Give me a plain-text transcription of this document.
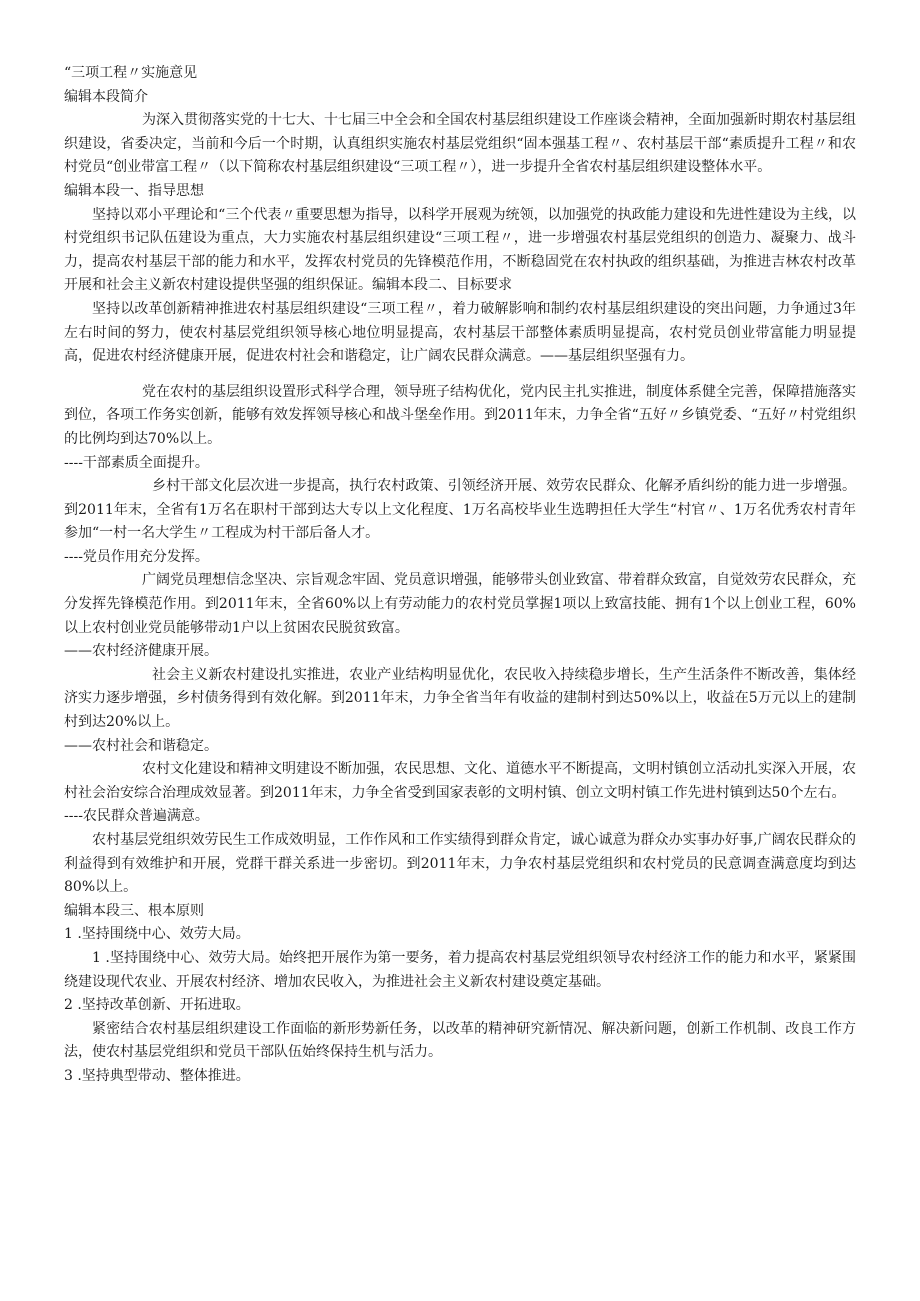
“三项工程〃实施意见
编辑本段简介

为深入贯彻落实党的十七大、十七届三中全会和全国农村基层组织建设工作座谈会精神，全面加强新时期农村基层组织建设，省委决定，当前和今后一个时期，认真组织实施农村基层党组织“固本强基工程〃、农村基层干部“素质提升工程〃和农村党员“创业带富工程〃（以下简称农村基层组织建设“三项工程〃），进一步提升全省农村基层组织建设整体水平。

编辑本段一、指导思想

坚持以邓小平理论和“三个代表〃重要思想为指导，以科学开展观为统领，以加强党的执政能力建设和先进性建设为主线，以村党组织书记队伍建设为重点，大力实施农村基层组织建设“三项工程〃，进一步增强农村基层党组织的创造力、凝聚力、战斗力，提高农村基层干部的能力和水平，发挥农村党员的先锋模范作用，不断稳固党在农村执政的组织基础，为推进吉林农村改革开展和社会主义新农村建设提供坚强的组织保证。编辑本段二、目标要求

坚持以改革创新精神推进农村基层组织建设“三项工程〃，着力破解影响和制约农村基层组织建设的突出问题，力争通过3年左右时间的努力，使农村基层党组织领导核心地位明显提高，农村基层干部整体素质明显提高，农村党员创业带富能力明显提高，促进农村经济健康开展，促进农村社会和谐稳定，让广阔农民群众满意。——基层组织坚强有力。

党在农村的基层组织设置形式科学合理，领导班子结构优化，党内民主扎实推进，制度体系健全完善，保障措施落实到位，各项工作务实创新，能够有效发挥领导核心和战斗堡垒作用。到2011年末，力争全省“五好〃乡镇党委、“五好〃村党组织的比例均到达70%以上。

----干部素质全面提升。

乡村干部文化层次进一步提高，执行农村政策、引领经济开展、效劳农民群众、化解矛盾纠纷的能力进一步增强。到2011年末，全省有1万名在职村干部到达大专以上文化程度、1万名高校毕业生选聘担任大学生“村官〃、1万名优秀农村青年参加“一村一名大学生〃工程成为村干部后备人才。

----党员作用充分发挥。

广阔党员理想信念坚决、宗旨观念牢固、党员意识增强，能够带头创业致富、带着群众致富，自觉效劳农民群众，充分发挥先锋模范作用。到2011年末，全省60%以上有劳动能力的农村党员掌握1项以上致富技能、拥有1个以上创业工程，60%以上农村创业党员能够带动1户以上贫困农民脱贫致富。

——农村经济健康开展。

社会主义新农村建设扎实推进，农业产业结构明显优化，农民收入持续稳步增长，生产生活条件不断改善，集体经济实力逐步增强，乡村债务得到有效化解。到2011年末，力争全省当年有收益的建制村到达50%以上，收益在5万元以上的建制村到达20%以上。

——农村社会和谐稳定。

农村文化建设和精神文明建设不断加强，农民思想、文化、道德水平不断提高，文明村镇创立活动扎实深入开展，农村社会治安综合治理成效显著。到2011年末，力争全省受到国家表彰的文明村镇、创立文明村镇工作先进村镇到达50个左右。

----农民群众普遍满意。

农村基层党组织效劳民生工作成效明显，工作作风和工作实绩得到群众肯定，诚心诚意为群众办实事办好事,广阔农民群众的利益得到有效维护和开展，党群干群关系进一步密切。到2011年末，力争农村基层党组织和农村党员的民意调查满意度均到达80%以上。

编辑本段三、根本原则
1 .坚持围绕中心、效劳大局。

1 .坚持围绕中心、效劳大局。始终把开展作为第一要务，着力提高农村基层党组织领导农村经济工作的能力和水平，紧紧围绕建设现代农业、开展农村经济、增加农民收入，为推进社会主义新农村建设奠定基础。

2 .坚持改革创新、开拓进取。

紧密结合农村基层组织建设工作面临的新形势新任务，以改革的精神研究新情况、解决新问题，创新工作机制、改良工作方法，使农村基层党组织和党员干部队伍始终保持生机与活力。

3 .坚持典型带动、整体推进。
